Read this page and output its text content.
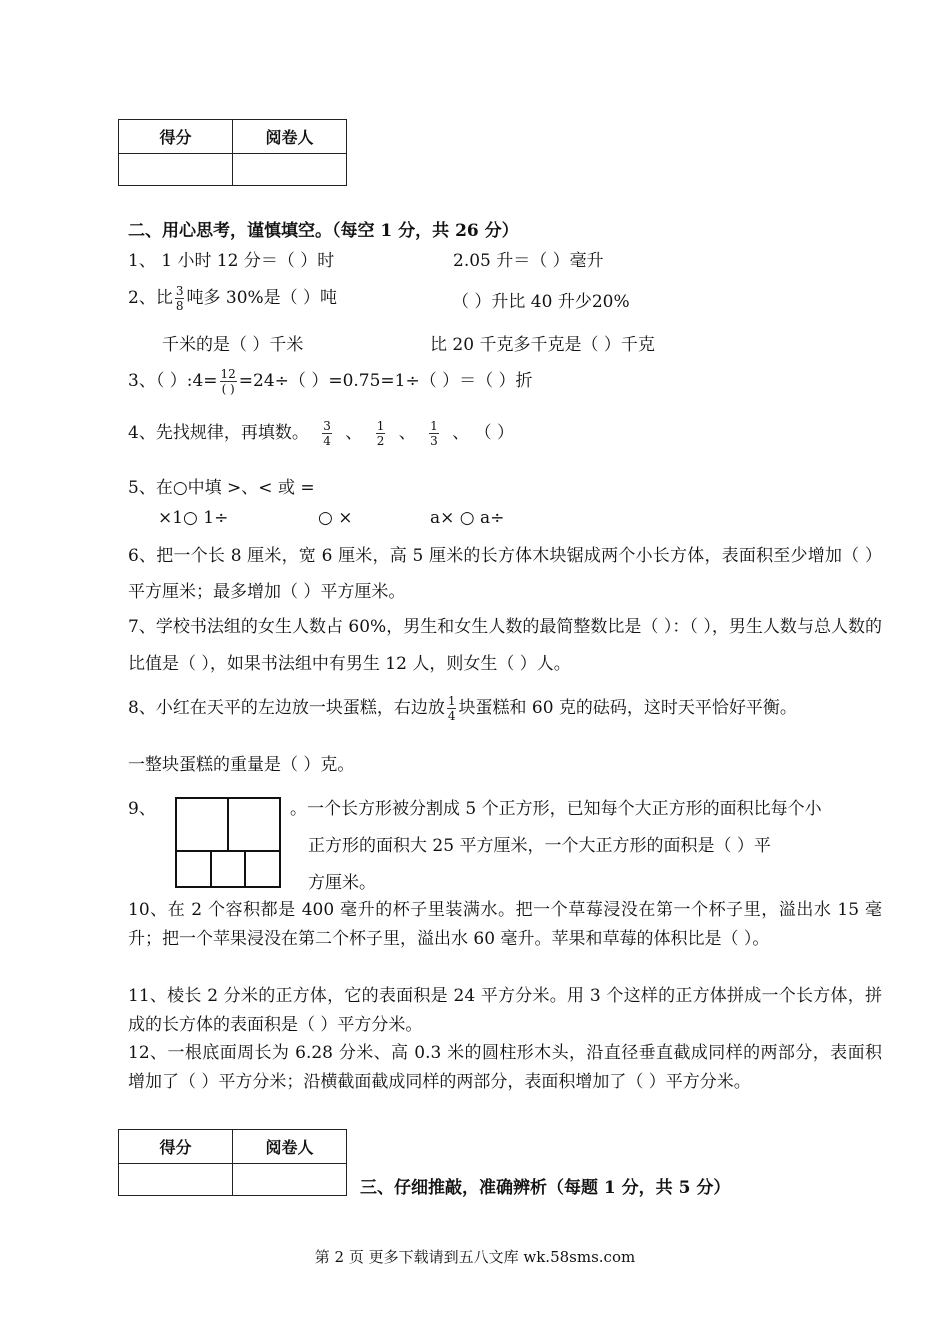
得分	阅卷人

二、用心思考，谨慎填空。（每空 1 分，共 26 分）
1、 1 小时 12 分＝（ ）时	2.05 升＝（ ）毫升
2、比 $\frac{3}{8}$ 吨多 30%是（ ）吨	（ ）升比 40 升少20%
千米的是（ ）千米	比 20 千克多千克是（ ）千克
3、（ ）:4= $\frac{12}{( )} =24\div$（ ）=0.75=1÷（ ）＝（ ）折
4、先找规律，再填数。 $\frac{3}{4}$ 、 $\frac{1}{2}$ 、 $\frac{1}{3}$ 、 （ ）
5、在○中填 >、< 或 =
×1○ 1÷	○ ×	a× ○ a÷
6、把一个长 8 厘米，宽 6 厘米，高 5 厘米的长方体木块锯成两个小长方体，表面积至少增加（ ）平方厘米；最多增加（ ）平方厘米。
7、学校书法组的女生人数占 60%，男生和女生人数的最简整数比是（ ）：（ ），男生人数与总人数的比值是（ ），如果书法组中有男生 12 人，则女生（ ）人。
8、小红在天平的左边放一块蛋糕，右边放 $\frac{1}{4}$ 块蛋糕和 60 克的砝码，这时天平恰好平衡。
一整块蛋糕的重量是（ ）克。
9、	。一个长方形被分割成 5 个正方形，已知每个大正方形的面积比每个小
正方形的面积大 25 平方厘米，一个大正方形的面积是（ ）平
方厘米。
10、在 2 个容积都是 400 毫升的杯子里装满水。把一个草莓浸没在第一个杯子里，溢出水 15 毫升；把一个苹果浸没在第二个杯子里，溢出水 60 毫升。苹果和草莓的体积比是（ ）。
11、棱长 2 分米的正方体，它的表面积是 24 平方分米。用 3 个这样的正方体拼成一个长方体，拼成的长方体的表面积是（ ）平方分米。
12、一根底面周长为 6.28 分米、高 0.3 米的圆柱形木头，沿直径垂直截成同样的两部分，表面积增加了（ ）平方分米；沿横截面截成同样的两部分，表面积增加了（ ）平方分米。
得分	阅卷人

三、仔细推敲，准确辨析（每题 1 分，共 5 分）
第 2 页 更多下载请到五八文库 wk.58sms.com
